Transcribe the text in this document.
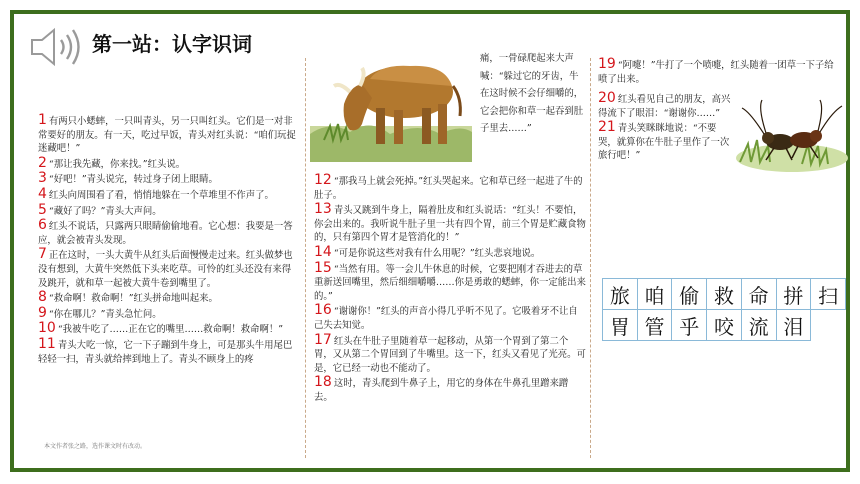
第一站：认字识词

1 有两只小蟋蟀，一只叫青头，另一只叫红头。它们是一对非常要好的朋友。有一天，吃过早饭，青头对红头说：“咱们玩捉迷藏吧！”

2 “那让我先藏，你来找。”红头说。

3 “好吧！”青头说完，转过身子闭上眼睛。

4 红头向周围看了看，悄悄地躲在一个草堆里不作声了。

5 “藏好了吗？”青头大声问。

6 红头不说话，只露两只眼睛偷偷地看。它心想：我要是一答应，就会被青头发现。

7 正在这时，一头大黄牛从红头后面慢慢走过来。红头做梦也没有想到，大黄牛突然低下头来吃草。可怜的红头还没有来得及跳开，就和草一起被大黄牛卷到嘴里了。

8 “救命啊！救命啊！”红头拼命地叫起来。

9 “你在哪儿？”青头急忙问。

10 “我被牛吃了……正在它的嘴里……救命啊！救命啊！”

11 青头大吃一惊，它一下子蹦到牛身上，可是那头牛用尾巴轻轻一扫，青头就给摔到地上了。青头不顾身上的疼

本文作者张之路，选作课文时有改动。
痛，一骨碌爬起来大声喊：“躲过它的牙齿，牛在这时候不会仔细嚼的，它会把你和草一起吞到肚子里去……”

12 “那我马上就会死掉。”红头哭起来。它和草已经一起进了牛的肚子。

13 青头又跳到牛身上，隔着肚皮和红头说话：“红头！不要怕，你会出来的。我听说牛肚子里一共有四个胃，前三个胃是贮藏食物的，只有第四个胃才是管消化的！”

14 “可是你说这些对我有什么用呢？”红头悲哀地说。

15 “当然有用。等一会儿牛休息的时候，它要把刚才吞进去的草重新送回嘴里，然后细细嚼嚼……你是勇敢的蟋蟀，你一定能出来的。”

16 “谢谢你！”红头的声音小得几乎听不见了。它吸着牙不让自己失去知觉。

17 红头在牛肚子里随着草一起移动，从第一个胃到了第二个胃，又从第二个胃回到了牛嘴里。这一下，红头又看见了光亮。可是，它已经一动也不能动了。

18 这时，青头爬到牛鼻子上，用它的身体在牛鼻孔里蹭来蹭去。

19 “阿嚏！”牛打了一个喷嚏，红头随着一团草一下子给喷了出来。

20 红头看见自己的朋友，高兴得流下了眼泪：“谢谢你……”

21 青头笑眯眯地说：“不要哭，就算你在牛肚子里作了一次旅行吧！”

旅	咱	偷	救	命	拼	扫
胃	管	乎	咬	流	泪	
